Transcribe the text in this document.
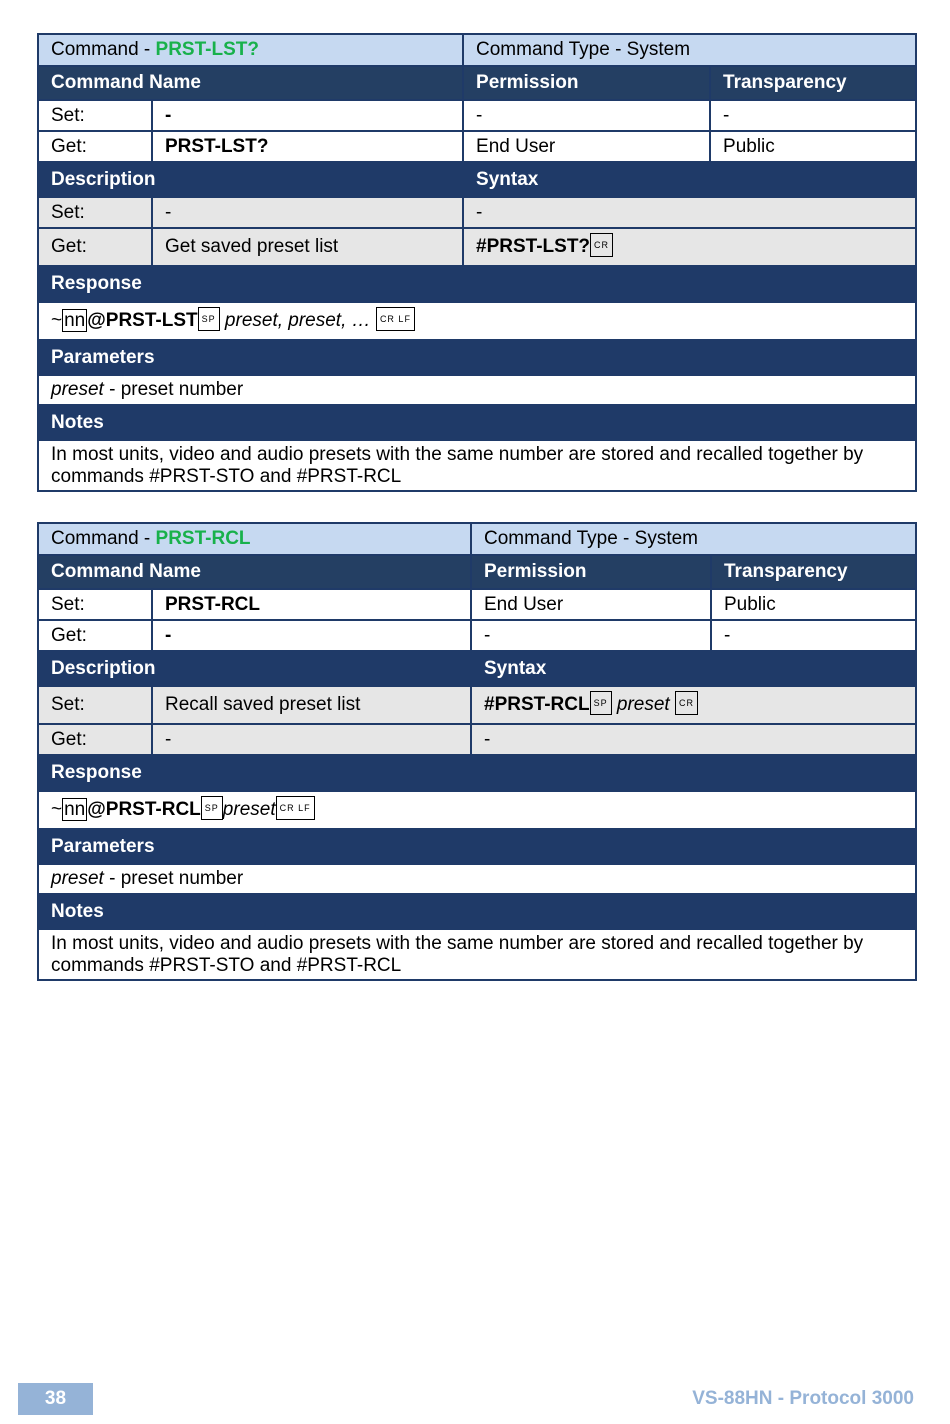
Command - PRST-LST?		Command Type - System	
Command Name		Permission	Transparency
Set:	-	-	-
Get:	PRST-LST?	End User	Public
Description		Syntax	
Set:	-	-	
Get:	Get saved preset list	#PRST-LST? CR	
Response			
~ nn @PRST-LST SP preset, preset, … CR LF			
Parameters			
preset - preset number			
Notes			
In most units, video and audio presets with the same number are stored and recalled together by commands #PRST-STO and #PRST-RCL			
Command - PRST-RCL		Command Type - System	
Command Name		Permission	Transparency
Set:	PRST-RCL	End User	Public
Get:	-	-	-
Description		Syntax	
Set:	Recall saved preset list	#PRST-RCL SP preset CR	
Get:	-	-	
Response			
~ nn @PRST-RCL SP preset CR LF			
Parameters			
preset - preset number			
Notes			
In most units, video and audio presets with the same number are stored and recalled together by commands #PRST-STO and #PRST-RCL			
38	VS-88HN - Protocol 3000
